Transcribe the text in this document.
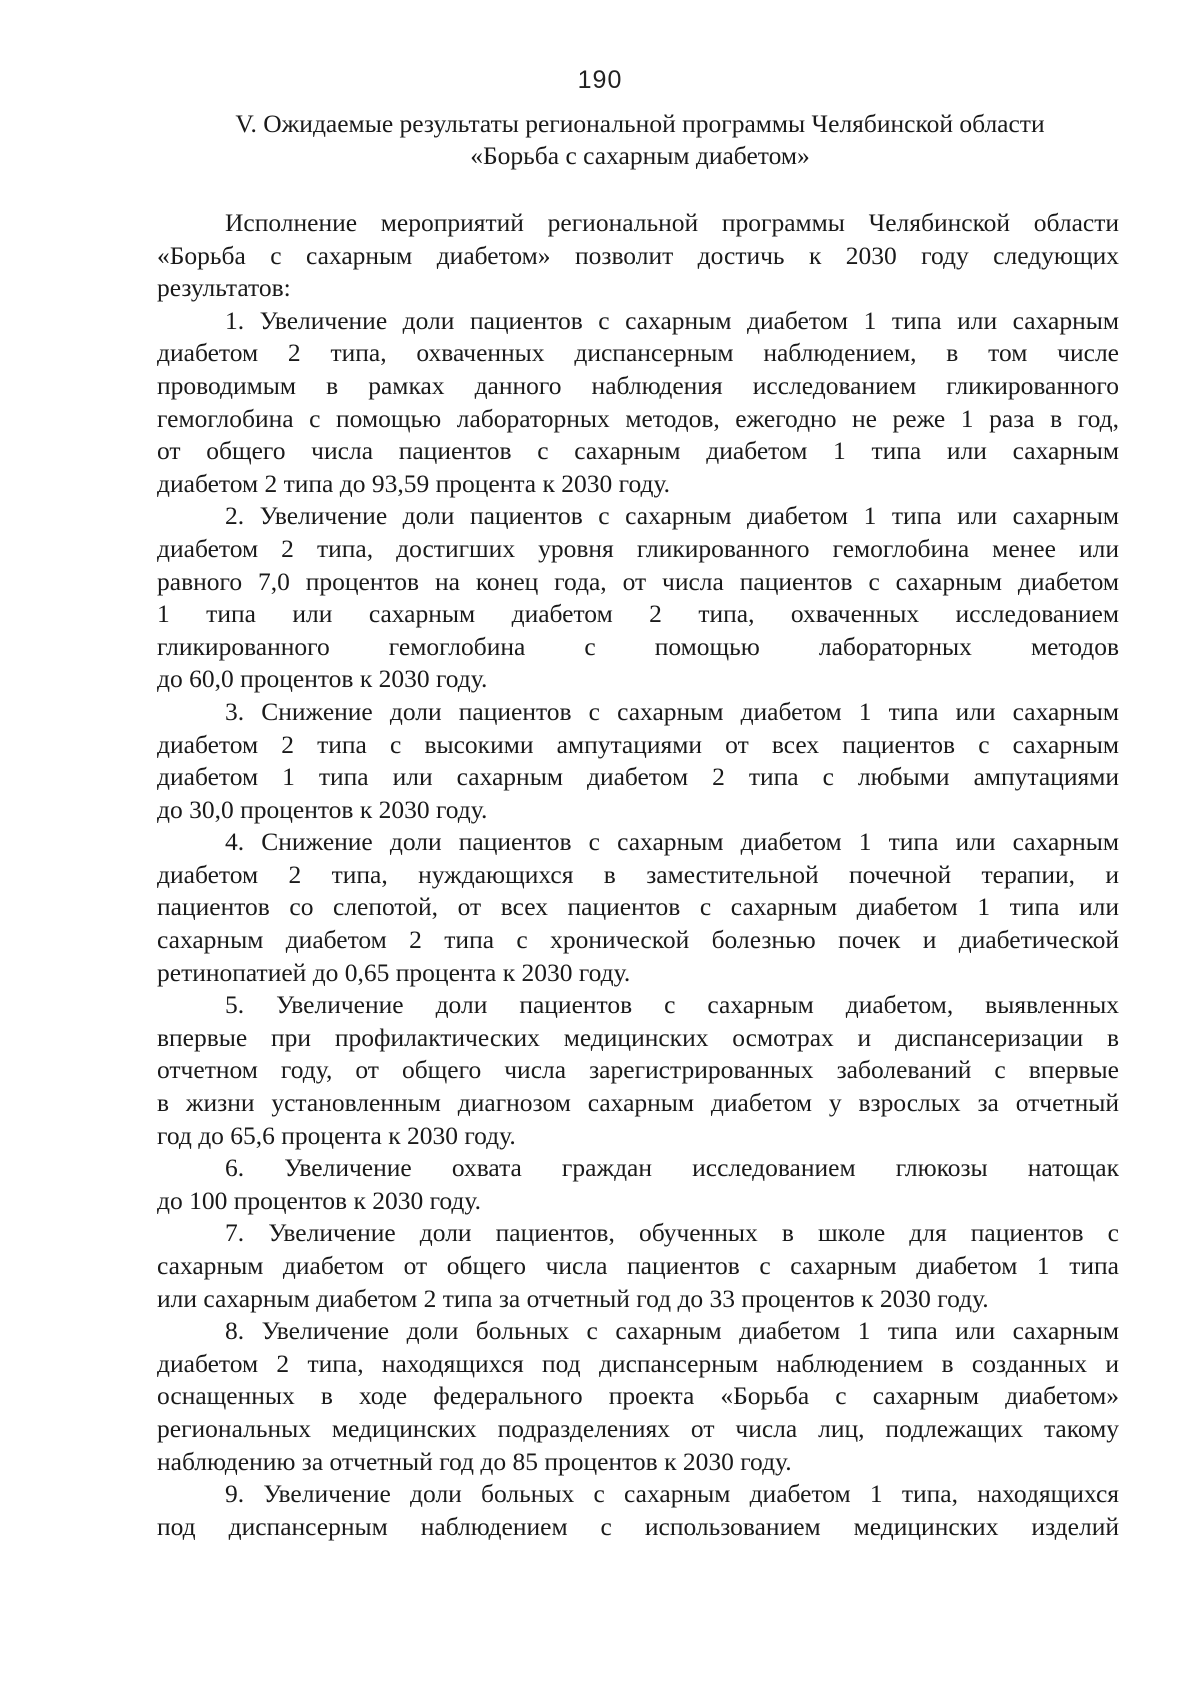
190
V. Ожидаемые результаты региональной программы Челябинской области
«Борьба с сахарным диабетом»
Исполнение мероприятий региональной программы Челябинской области
«Борьба с сахарным диабетом» позволит достичь к 2030 году следующих
результатов:
1. Увеличение доли пациентов с сахарным диабетом 1 типа или сахарным
диабетом 2 типа, охваченных диспансерным наблюдением, в том числе
проводимым в рамках данного наблюдения исследованием гликированного
гемоглобина с помощью лабораторных методов, ежегодно не реже 1 раза в год,
от общего числа пациентов с сахарным диабетом 1 типа или сахарным
диабетом 2 типа до 93,59 процента к 2030 году.
2. Увеличение доли пациентов с сахарным диабетом 1 типа или сахарным
диабетом 2 типа, достигших уровня гликированного гемоглобина менее или
равного 7,0 процентов на конец года, от числа пациентов с сахарным диабетом
1 типа или сахарным диабетом 2 типа, охваченных исследованием
гликированного гемоглобина с помощью лабораторных методов
до 60,0 процентов к 2030 году.
3. Снижение доли пациентов с сахарным диабетом 1 типа или сахарным
диабетом 2 типа с высокими ампутациями от всех пациентов с сахарным
диабетом 1 типа или сахарным диабетом 2 типа с любыми ампутациями
до 30,0 процентов к 2030 году.
4. Снижение доли пациентов с сахарным диабетом 1 типа или сахарным
диабетом 2 типа, нуждающихся в заместительной почечной терапии, и
пациентов со слепотой, от всех пациентов с сахарным диабетом 1 типа или
сахарным диабетом 2 типа с хронической болезнью почек и диабетической
ретинопатией до 0,65 процента к 2030 году.
5. Увеличение доли пациентов с сахарным диабетом, выявленных
впервые при профилактических медицинских осмотрах и диспансеризации в
отчетном году, от общего числа зарегистрированных заболеваний с впервые
в жизни установленным диагнозом сахарным диабетом у взрослых за отчетный
год до 65,6 процента к 2030 году.
6. Увеличение охвата граждан исследованием глюкозы натощак
до 100 процентов к 2030 году.
7. Увеличение доли пациентов, обученных в школе для пациентов с
сахарным диабетом от общего числа пациентов с сахарным диабетом 1 типа
или сахарным диабетом 2 типа за отчетный год до 33 процентов к 2030 году.
8. Увеличение доли больных с сахарным диабетом 1 типа или сахарным
диабетом 2 типа, находящихся под диспансерным наблюдением в созданных и
оснащенных в ходе федерального проекта «Борьба с сахарным диабетом»
региональных медицинских подразделениях от числа лиц, подлежащих такому
наблюдению за отчетный год до 85 процентов к 2030 году.
9. Увеличение доли больных с сахарным диабетом 1 типа, находящихся
под диспансерным наблюдением с использованием медицинских изделий
